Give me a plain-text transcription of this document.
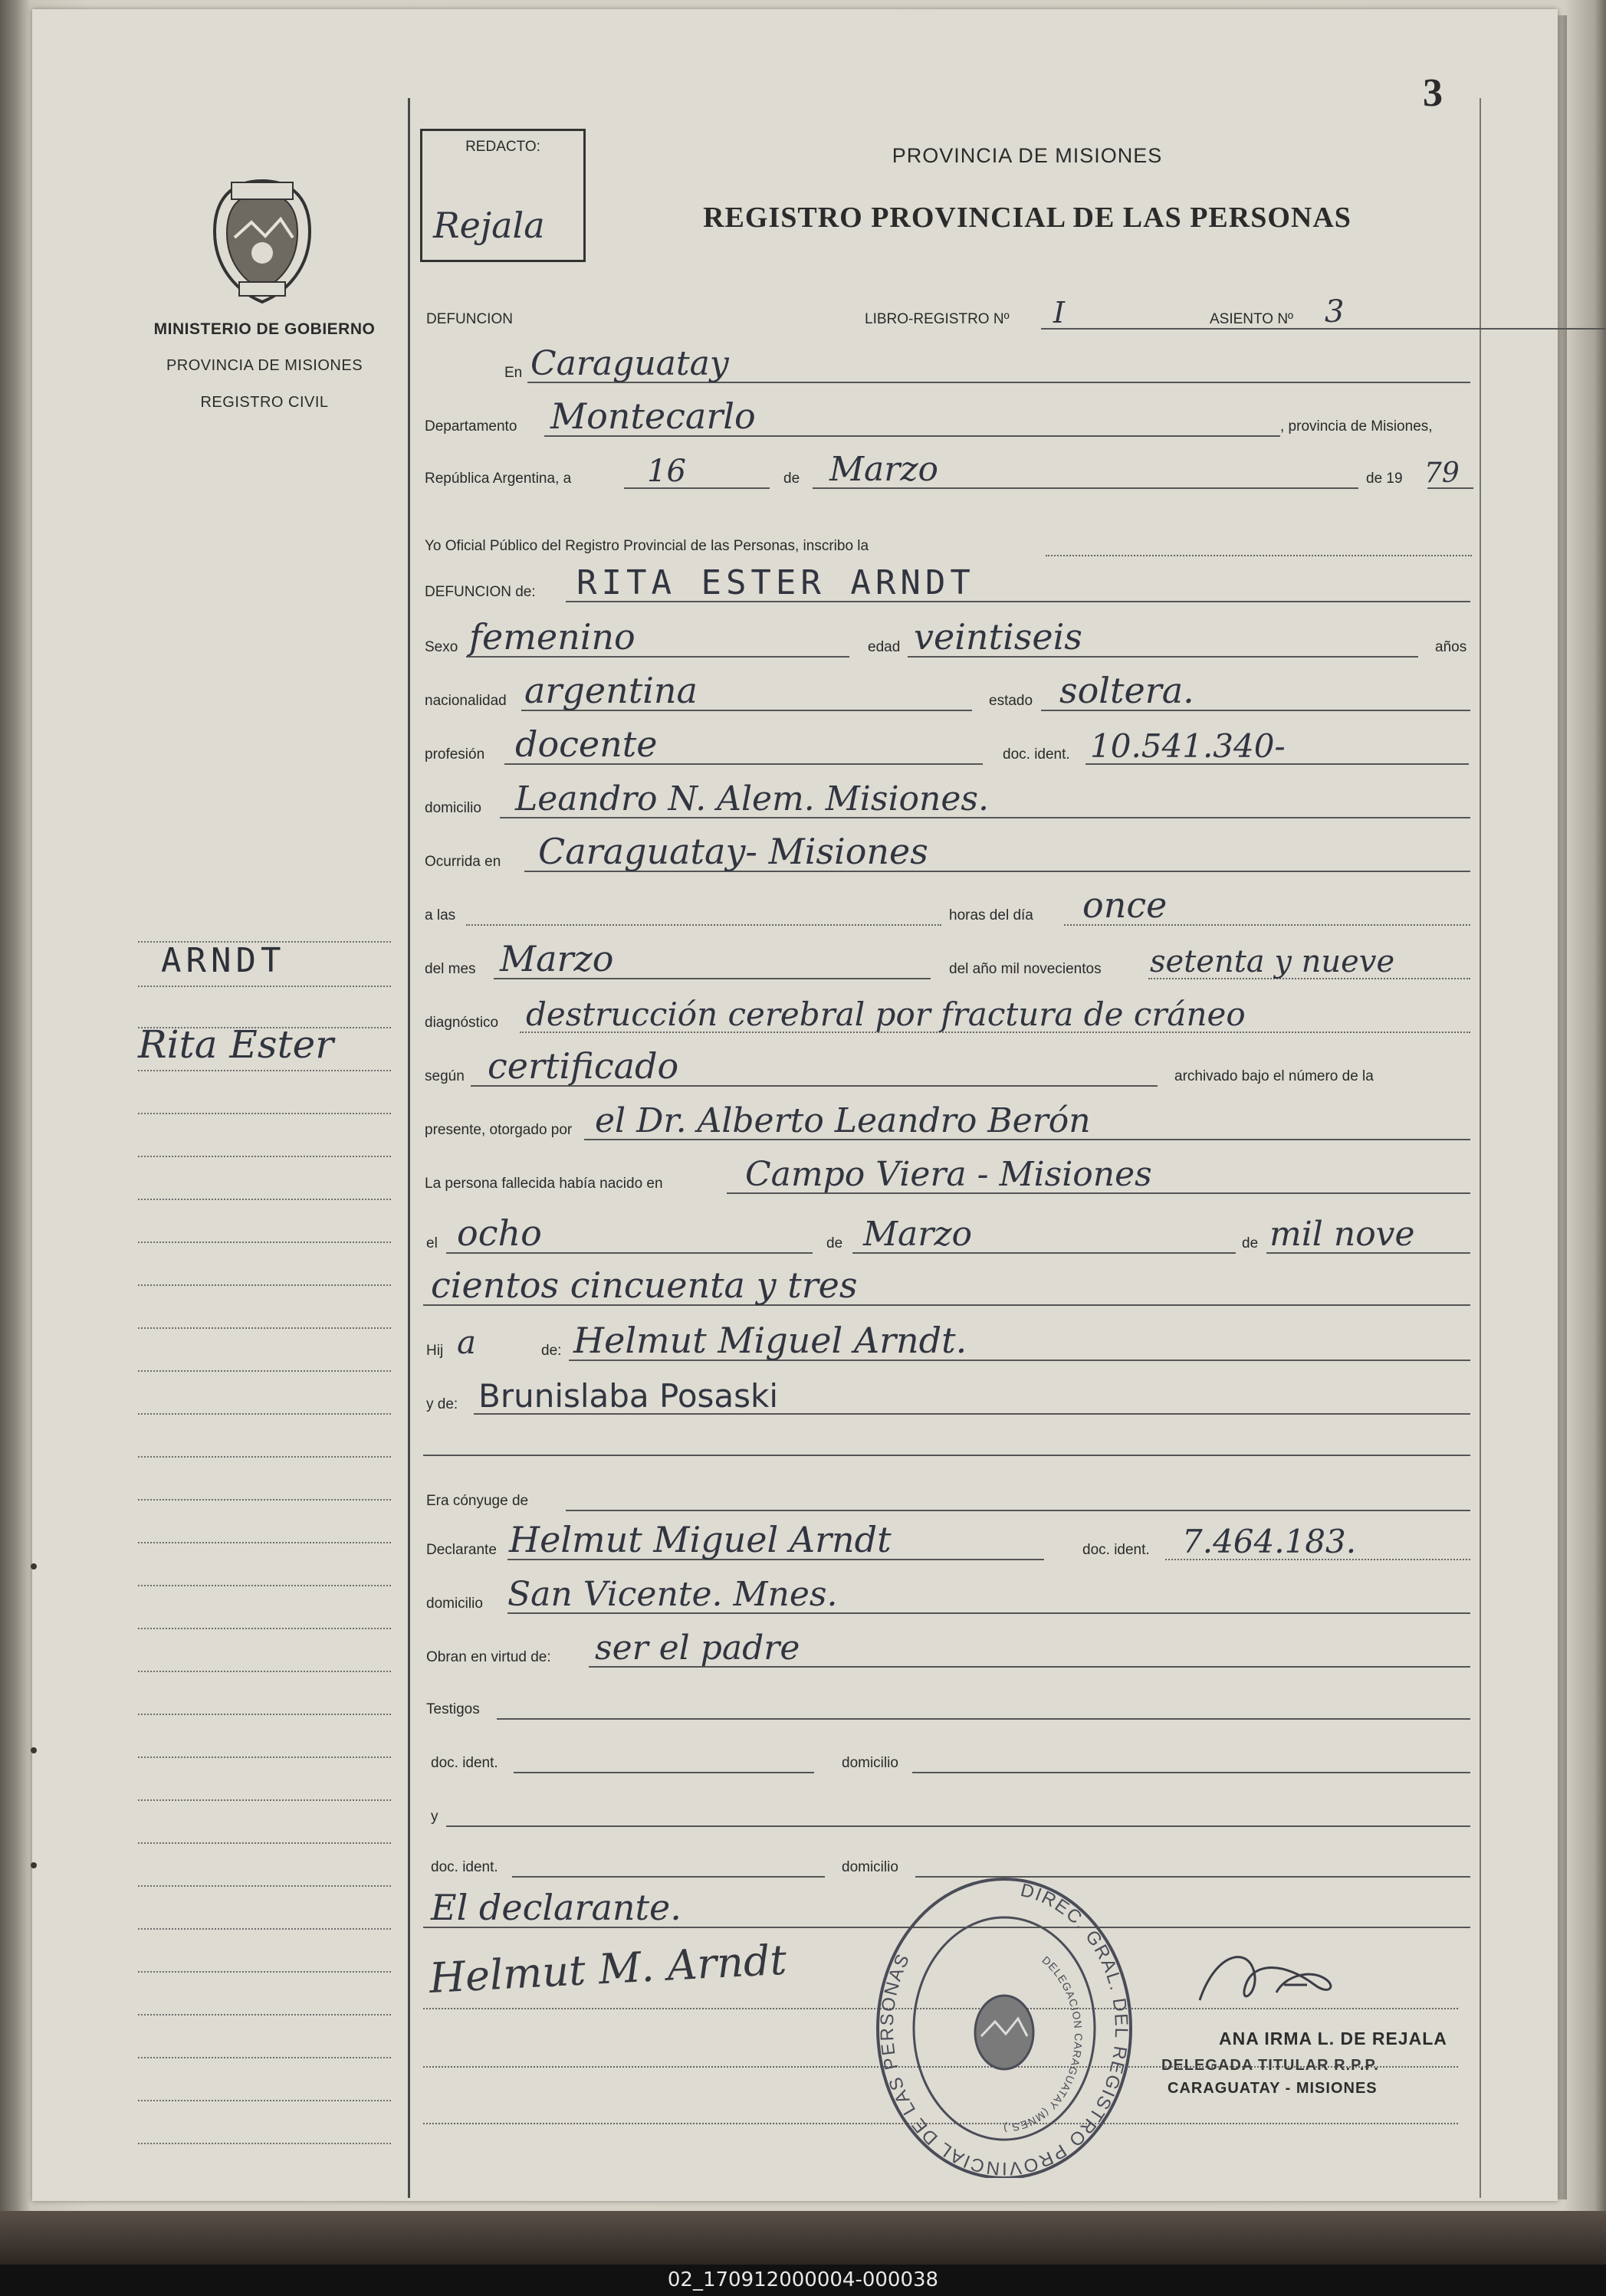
MINISTERIO DE GOBIERNO
PROVINCIA DE MISIONES
REGISTRO CIVIL
REDACTO:
Rejala
3
PROVINCIA DE MISIONES
REGISTRO PROVINCIAL DE LAS PERSONAS
DEFUNCION	LIBRO-REGISTRO Nº I	ASIENTO Nº 3
En Caraguatay
Departamento Montecarlo	, provincia de Misiones,
República Argentina, a 16	de Marzo	de 19 79
Yo Oficial Público del Registro Provincial de las Personas, inscribo la
DEFUNCION de: RITA ESTER ARNDT
Sexo femenino	edad veintiseis	años
nacionalidad argentina	estado soltera.
profesión docente	doc. ident. 10.541.340-
domicilio Leandro N. Alem. Misiones.
Ocurrida en Caraguatay- Misiones
a las	horas del día once
del mes Marzo	del año mil novecientos setenta y nueve
diagnóstico destrucción cerebral por fractura de cráneo
según certificado	archivado bajo el número de la
presente, otorgado por el Dr. Alberto Leandro Berón
La persona fallecida había nacido en Campo Viera - Misiones
el ocho	de Marzo	de mil nove
cientos cincuenta y tres
Hij a	de: Helmut Miguel Arndt.
y de: Brunislaba Posaski
Era cónyuge de
Declarante Helmut Miguel Arndt	doc. ident. 7.464.183.
domicilio San Vicente. Mnes.
Obran en virtud de: ser el padre
Testigos
doc. ident.	domicilio
y
doc. ident.	domicilio
El declarante.
Helmut M. Arndt
DIREC. GRAL. DEL REGISTRO PROVINCIAL DE LAS PERSONAS	DELEGACION CARAGUATAY (MNES.)
ANA IRMA L. DE REJALA
DELEGADA TITULAR R.P.P.
CARAGUATAY - MISIONES
ARNDT
Rita Ester
02_170912000004-000038
